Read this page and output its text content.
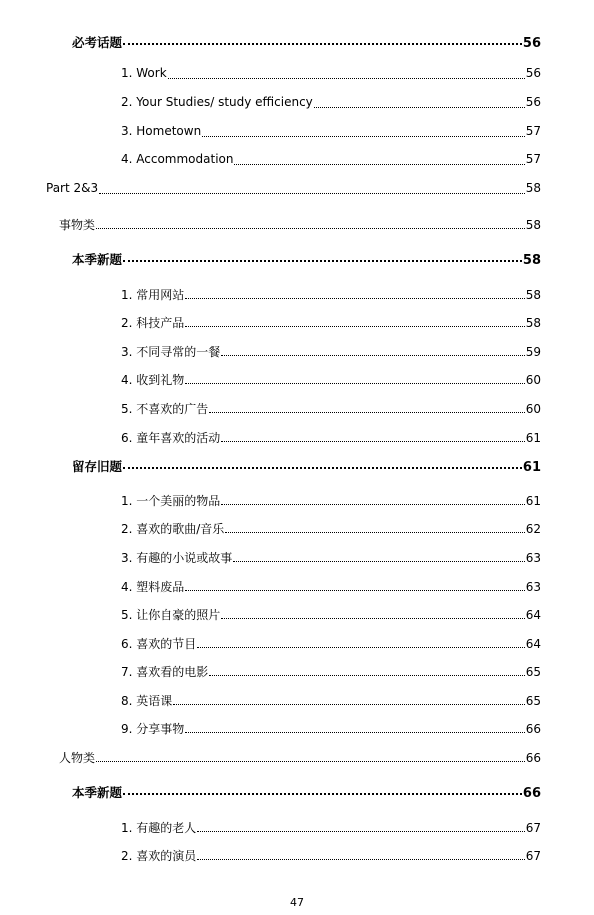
必考话题	56
1. Work	56
2. Your Studies/ study efficiency	56
3. Hometown	57
4. Accommodation	57
Part 2&3	58
事物类	58
本季新题	58
1. 常用网站	58
2. 科技产品	58
3. 不同寻常的一餐	59
4. 收到礼物	60
5. 不喜欢的广告	60
6. 童年喜欢的活动	61
留存旧题	61
1. 一个美丽的物品	61
2. 喜欢的歌曲/音乐	62
3. 有趣的小说或故事	63
4. 塑料废品	63
5. 让你自豪的照片	64
6. 喜欢的节目	64
7. 喜欢看的电影	65
8. 英语课	65
9. 分享事物	66
人物类	66
本季新题	66
1. 有趣的老人	67
2. 喜欢的演员	67
47
